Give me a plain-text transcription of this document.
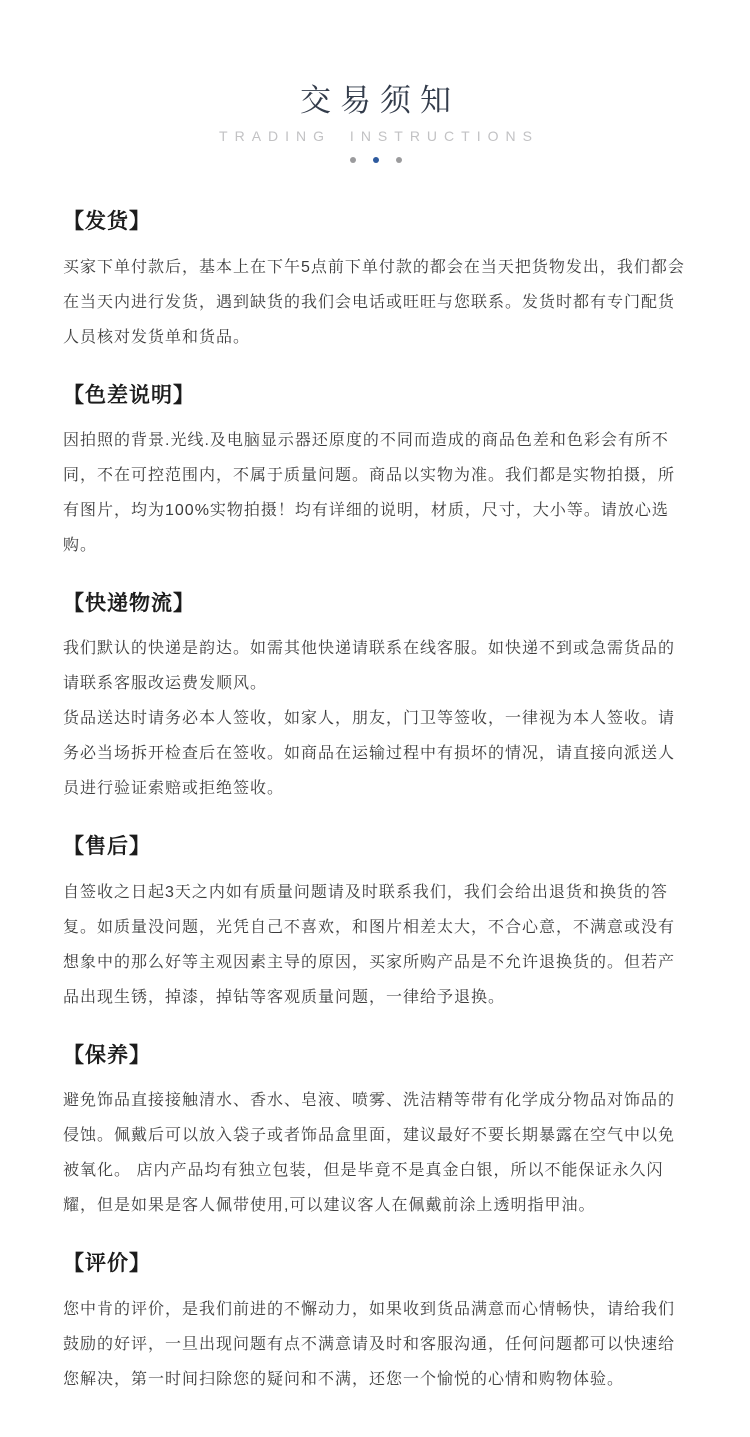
交易须知
TRADING INSTRUCTIONS
【发货】

买家下单付款后，基本上在下午5点前下单付款的都会在当天把货物发出，我们都会在当天内进行发货，遇到缺货的我们会电话或旺旺与您联系。发货时都有专门配货人员核对发货单和货品。

【色差说明】

因拍照的背景.光线.及电脑显示器还原度的不同而造成的商品色差和色彩会有所不同，不在可控范围内，不属于质量问题。商品以实物为准。我们都是实物拍摄，所有图片，均为100%实物拍摄！均有详细的说明，材质，尺寸，大小等。请放心选购。

【快递物流】

我们默认的快递是韵达。如需其他快递请联系在线客服。如快递不到或急需货品的请联系客服改运费发顺风。

货品送达时请务必本人签收，如家人，朋友，门卫等签收，一律视为本人签收。请务必当场拆开检查后在签收。如商品在运输过程中有损坏的情况，请直接向派送人员进行验证索赔或拒绝签收。

【售后】

自签收之日起3天之内如有质量问题请及时联系我们，我们会给出退货和换货的答复。如质量没问题，光凭自己不喜欢，和图片相差太大，不合心意，不满意或没有想象中的那么好等主观因素主导的原因，买家所购产品是不允许退换货的。但若产品出现生锈，掉漆，掉钻等客观质量问题，一律给予退换。

【保养】

避免饰品直接接触清水、香水、皂液、喷雾、洗洁精等带有化学成分物品对饰品的侵蚀。佩戴后可以放入袋子或者饰品盒里面，建议最好不要长期暴露在空气中以免被氧化。 店内产品均有独立包装，但是毕竟不是真金白银，所以不能保证永久闪耀，但是如果是客人佩带使用,可以建议客人在佩戴前涂上透明指甲油。

【评价】

您中肯的评价，是我们前进的不懈动力，如果收到货品满意而心情畅快，请给我们鼓励的好评，一旦出现问题有点不满意请及时和客服沟通，任何问题都可以快速给您解决，第一时间扫除您的疑问和不满，还您一个愉悦的心情和购物体验。
